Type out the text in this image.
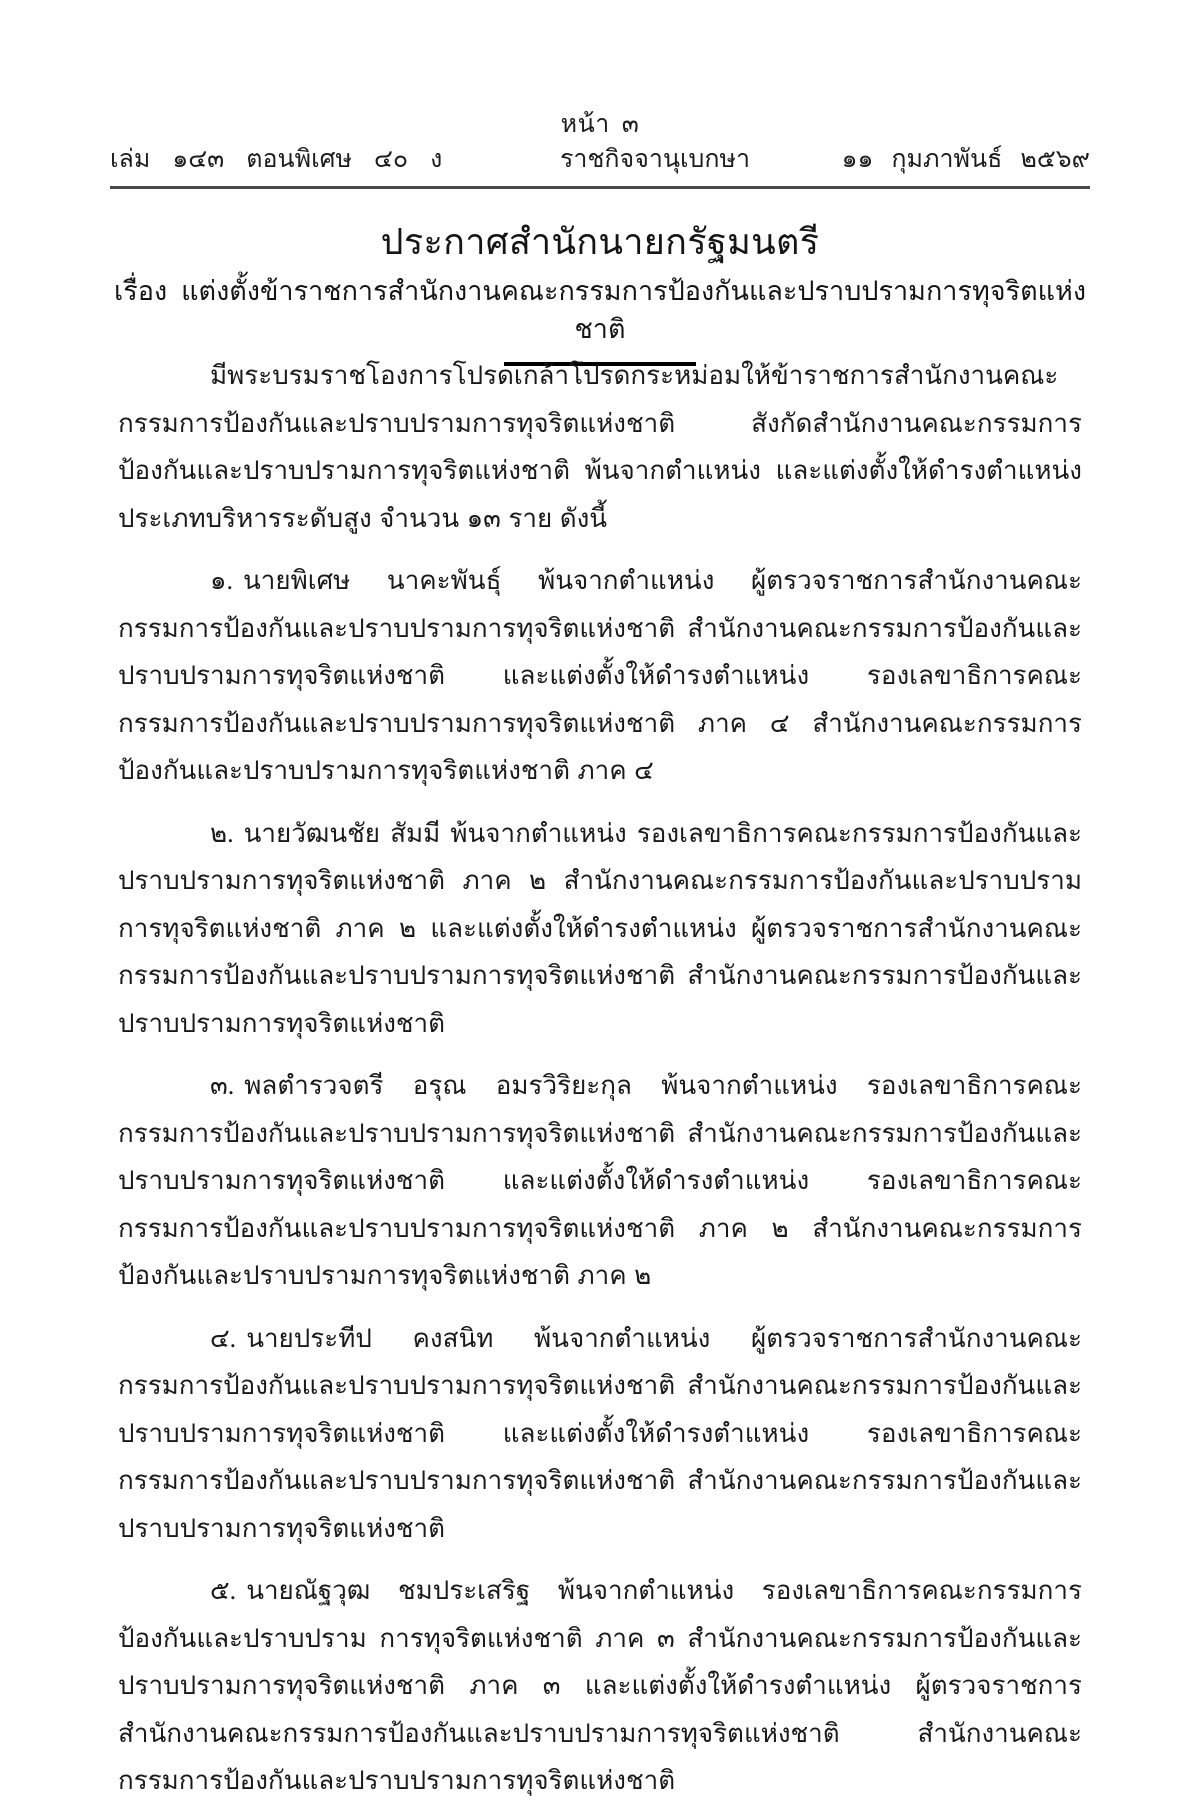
หน้า ๓
เล่ม ๑๔๓ ตอนพิเศษ ๔๐ ง	ราชกิจจานุเบกษา	๑๑ กุมภาพันธ์ ๒๕๖๙
ประกาศสำนักนายกรัฐมนตรี
เรื่อง แต่งตั้งข้าราชการสำนักงานคณะกรรมการป้องกันและปราบปรามการทุจริตแห่งชาติ

มีพระบรมราชโองการโปรดเกล้าโปรดกระหม่อมให้ข้าราชการสำนักงานคณะกรรมการป้องกันและปราบปรามการทุจริตแห่งชาติ สังกัดสำนักงานคณะกรรมการป้องกันและปราบปรามการทุจริตแห่งชาติ พ้นจากตำแหน่ง และแต่งตั้งให้ดำรงตำแหน่งประเภทบริหารระดับสูง จำนวน ๑๓ ราย ดังนี้

๑. นายพิเศษ นาคะพันธุ์ พ้นจากตำแหน่ง ผู้ตรวจราชการสำนักงานคณะกรรมการป้องกันและปราบปรามการทุจริตแห่งชาติ สำนักงานคณะกรรมการป้องกันและปราบปรามการทุจริตแห่งชาติ และแต่งตั้งให้ดำรงตำแหน่ง รองเลขาธิการคณะกรรมการป้องกันและปราบปรามการทุจริตแห่งชาติ ภาค ๔ สำนักงานคณะกรรมการป้องกันและปราบปรามการทุจริตแห่งชาติ ภาค ๔

๒. นายวัฒนชัย สัมมี พ้นจากตำแหน่ง รองเลขาธิการคณะกรรมการป้องกันและปราบปรามการทุจริตแห่งชาติ ภาค ๒ สำนักงานคณะกรรมการป้องกันและปราบปรามการทุจริตแห่งชาติ ภาค ๒ และแต่งตั้งให้ดำรงตำแหน่ง ผู้ตรวจราชการสำนักงานคณะกรรมการป้องกันและปราบปรามการทุจริตแห่งชาติ สำนักงานคณะกรรมการป้องกันและปราบปรามการทุจริตแห่งชาติ

๓. พลตำรวจตรี อรุณ อมรวิริยะกุล พ้นจากตำแหน่ง รองเลขาธิการคณะกรรมการป้องกันและปราบปรามการทุจริตแห่งชาติ สำนักงานคณะกรรมการป้องกันและปราบปรามการทุจริตแห่งชาติ และแต่งตั้งให้ดำรงตำแหน่ง รองเลขาธิการคณะกรรมการป้องกันและปราบปรามการทุจริตแห่งชาติ ภาค ๒ สำนักงานคณะกรรมการป้องกันและปราบปรามการทุจริตแห่งชาติ ภาค ๒

๔. นายประทีป คงสนิท พ้นจากตำแหน่ง ผู้ตรวจราชการสำนักงานคณะกรรมการป้องกันและปราบปรามการทุจริตแห่งชาติ สำนักงานคณะกรรมการป้องกันและปราบปรามการทุจริตแห่งชาติ และแต่งตั้งให้ดำรงตำแหน่ง รองเลขาธิการคณะกรรมการป้องกันและปราบปรามการทุจริตแห่งชาติ สำนักงานคณะกรรมการป้องกันและปราบปรามการทุจริตแห่งชาติ

๕. นายณัฐวุฒ ชมประเสริฐ พ้นจากตำแหน่ง รองเลขาธิการคณะกรรมการป้องกันและปราบปราม การทุจริตแห่งชาติ ภาค ๓ สำนักงานคณะกรรมการป้องกันและปราบปรามการทุจริตแห่งชาติ ภาค ๓ และแต่งตั้งให้ดำรงตำแหน่ง ผู้ตรวจราชการสำนักงานคณะกรรมการป้องกันและปราบปรามการทุจริตแห่งชาติ สำนักงานคณะกรรมการป้องกันและปราบปรามการทุจริตแห่งชาติ
